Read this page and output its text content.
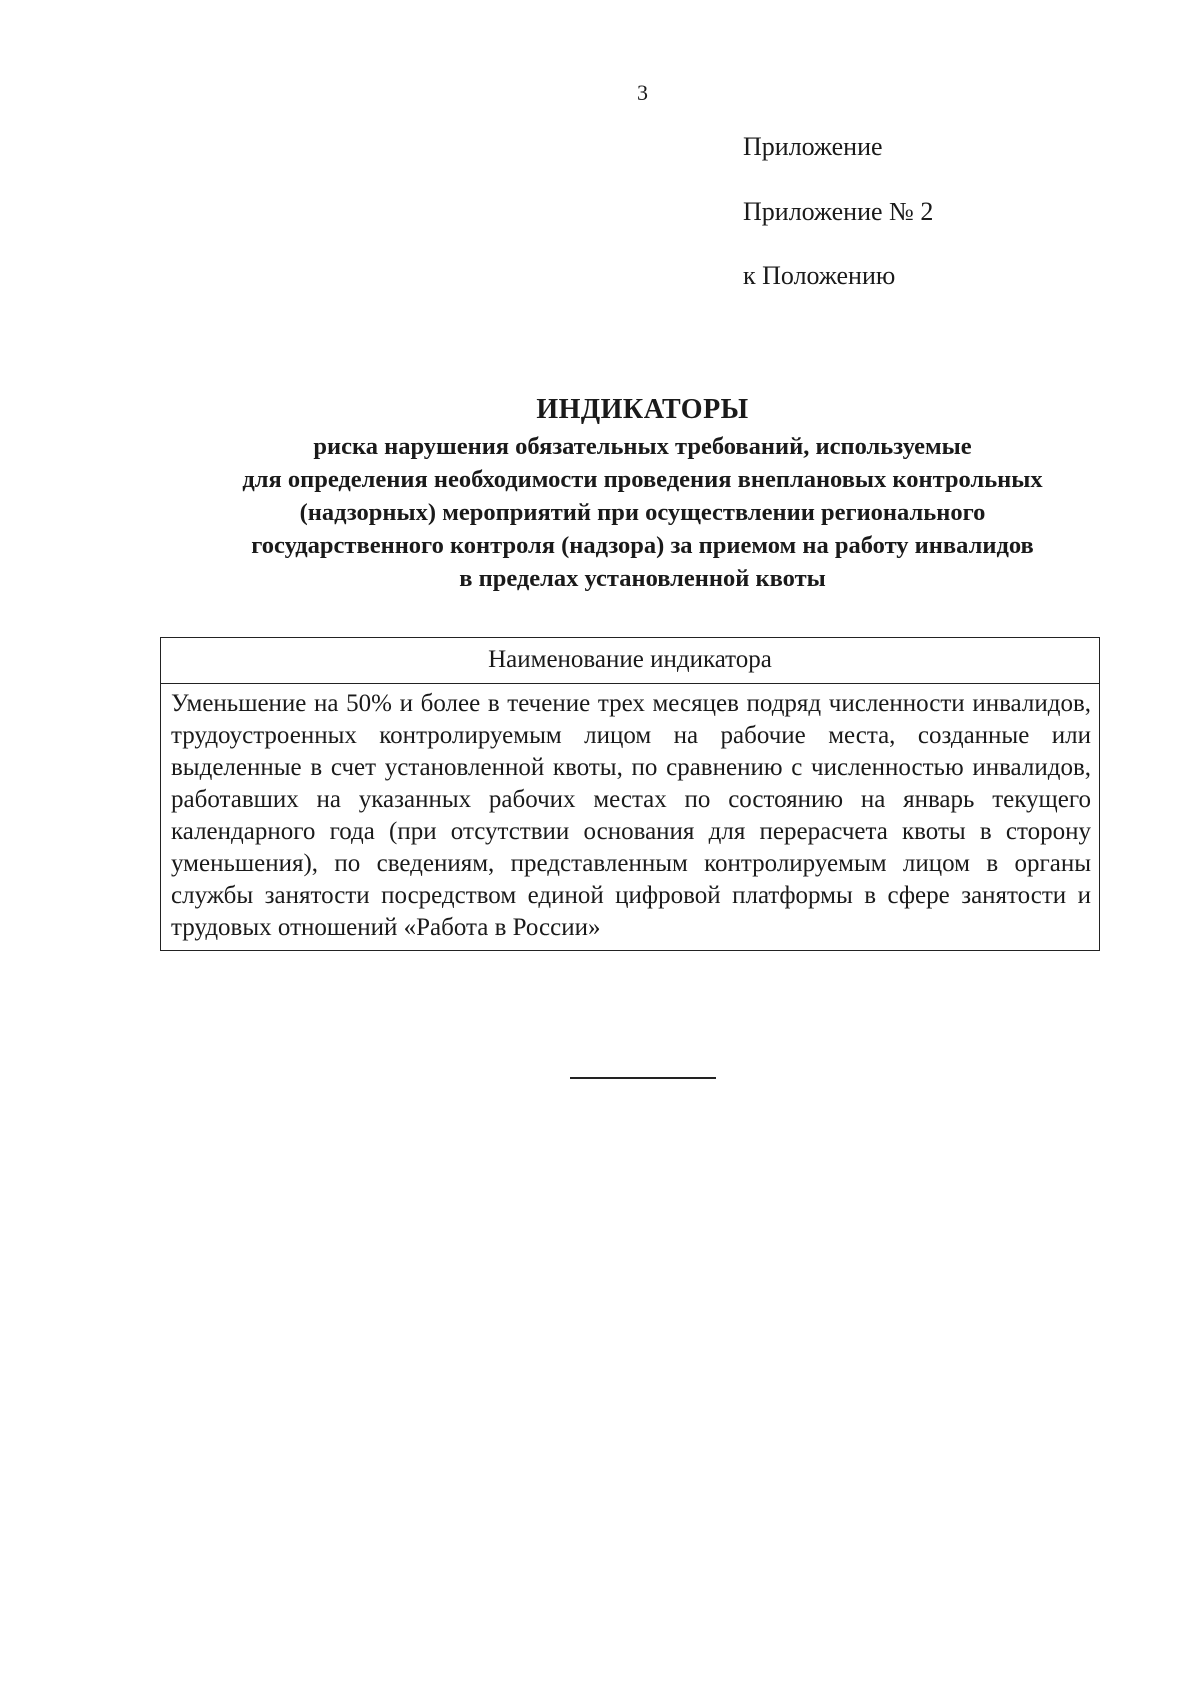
3
Приложение
Приложение № 2
к Положению
ИНДИКАТОРЫ
риска нарушения обязательных требований, используемые
для определения необходимости проведения внеплановых контрольных
(надзорных) мероприятий при осуществлении регионального
государственного контроля (надзора) за приемом на работу инвалидов
в пределах установленной квоты
Наименование индикатора
Уменьшение на 50% и более в течение трех месяцев подряд численности инвалидов, трудоустроенных контролируемым лицом на рабочие места, созданные или выделенные в счет установленной квоты, по сравнению с численностью инвалидов, работавших на указанных рабочих местах по состоянию на январь текущего календарного года (при отсутствии основания для перерасчета квоты в сторону уменьшения), по сведениям, представленным контролируемым лицом в органы службы занятости посредством единой цифровой платформы в сфере занятости и трудовых отношений «Работа в России»
